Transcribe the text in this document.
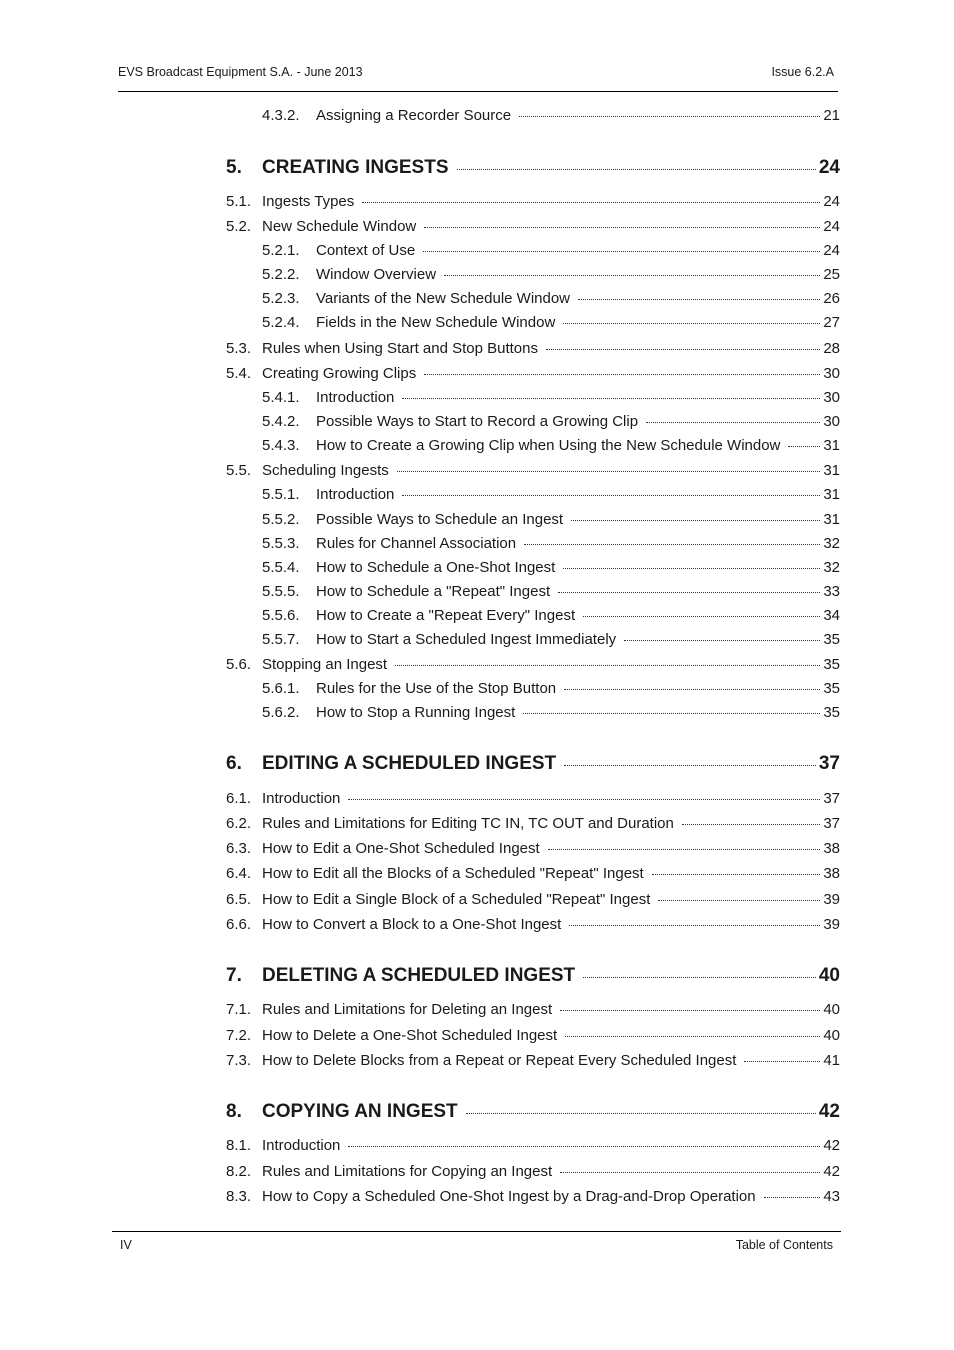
EVS Broadcast Equipment S.A. - June 2013	Issue 6.2.A
4.3.2.	Assigning a Recorder Source	21
5.	CREATING INGESTS	24
5.1. Ingests Types	24
5.2. New Schedule Window	24
5.2.1.	Context of Use	24
5.2.2.	Window Overview	25
5.2.3.	Variants of the New Schedule Window	26
5.2.4.	Fields in the New Schedule Window	27
5.3. Rules when Using Start and Stop Buttons	28
5.4. Creating Growing Clips	30
5.4.1.	Introduction	30
5.4.2.	Possible Ways to Start to Record a Growing Clip	30
5.4.3.	How to Create a Growing Clip when Using the New Schedule Window	31
5.5. Scheduling Ingests	31
5.5.1.	Introduction	31
5.5.2.	Possible Ways to Schedule an Ingest	31
5.5.3.	Rules for Channel Association	32
5.5.4.	How to Schedule a One-Shot Ingest	32
5.5.5.	How to Schedule a "Repeat" Ingest	33
5.5.6.	How to Create a "Repeat Every" Ingest	34
5.5.7.	How to Start a Scheduled Ingest Immediately	35
5.6. Stopping an Ingest	35
5.6.1.	Rules for the Use of the Stop Button	35
5.6.2.	How to Stop a Running Ingest	35
6.	EDITING A SCHEDULED INGEST	37
6.1. Introduction	37
6.2. Rules and Limitations for Editing TC IN, TC OUT and Duration	37
6.3. How to Edit a One-Shot Scheduled Ingest	38
6.4. How to Edit all the Blocks of a Scheduled "Repeat" Ingest	38
6.5. How to Edit a Single Block of a Scheduled "Repeat" Ingest	39
6.6. How to Convert a Block to a One-Shot Ingest	39
7.	DELETING A SCHEDULED INGEST	40
7.1. Rules and Limitations for Deleting an Ingest	40
7.2. How to Delete a One-Shot Scheduled Ingest	40
7.3. How to Delete Blocks from a Repeat or Repeat Every Scheduled Ingest	41
8.	COPYING AN INGEST	42
8.1. Introduction	42
8.2. Rules and Limitations for Copying an Ingest	42
8.3. How to Copy a Scheduled One-Shot Ingest by a Drag-and-Drop Operation	43
IV	Table of Contents
